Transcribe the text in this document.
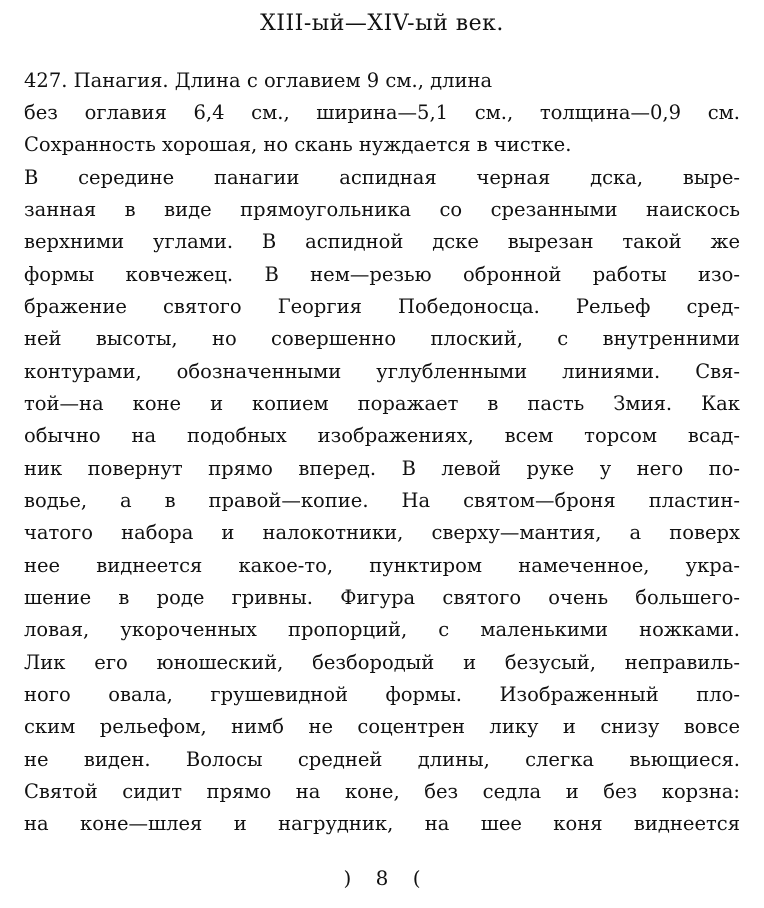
XIII-ый—XIV-ый век.
427. Панагия. Длина с оглавием 9 см., длина
без оглавия 6,4 см., ширина—5,1 см., толщина—0,9 см.
Сохранность хорошая, но скань нуждается в чистке.
В середине панагии аспидная черная дска, выре-
занная в виде прямоугольника со срезанными наискось
верхними углами. В аспидной дске вырезан такой же
формы ковчежец. В нем—резью обронной работы изо-
бражение святого Георгия Победоносца. Рельеф сред-
ней высоты, но совершенно плоский, с внутренними
контурами, обозначенными углубленными линиями. Свя-
той—на коне и копием поражает в пасть Змия. Как
обычно на подобных изображениях, всем торсом всад-
ник повернут прямо вперед. В левой руке у него по-
водье, а в правой—копие. На святом—броня пластин-
чатого набора и налокотники, сверху—мантия, а поверх
нее виднеется какое-то, пунктиром намеченное, укра-
шение в роде гривны. Фигура святого очень большего-
ловая, укороченных пропорций, с маленькими ножками.
Лик его юношеский, безбородый и безусый, неправиль-
ного овала, грушевидной формы. Изображенный пло-
ским рельефом, нимб не соцентрен лику и снизу вовсе
не виден. Волосы средней длины, слегка вьющиеся.
Святой сидит прямо на коне, без седла и без корзна:
на коне—шлея и нагрудник, на шее коня виднеется
) 8 (
